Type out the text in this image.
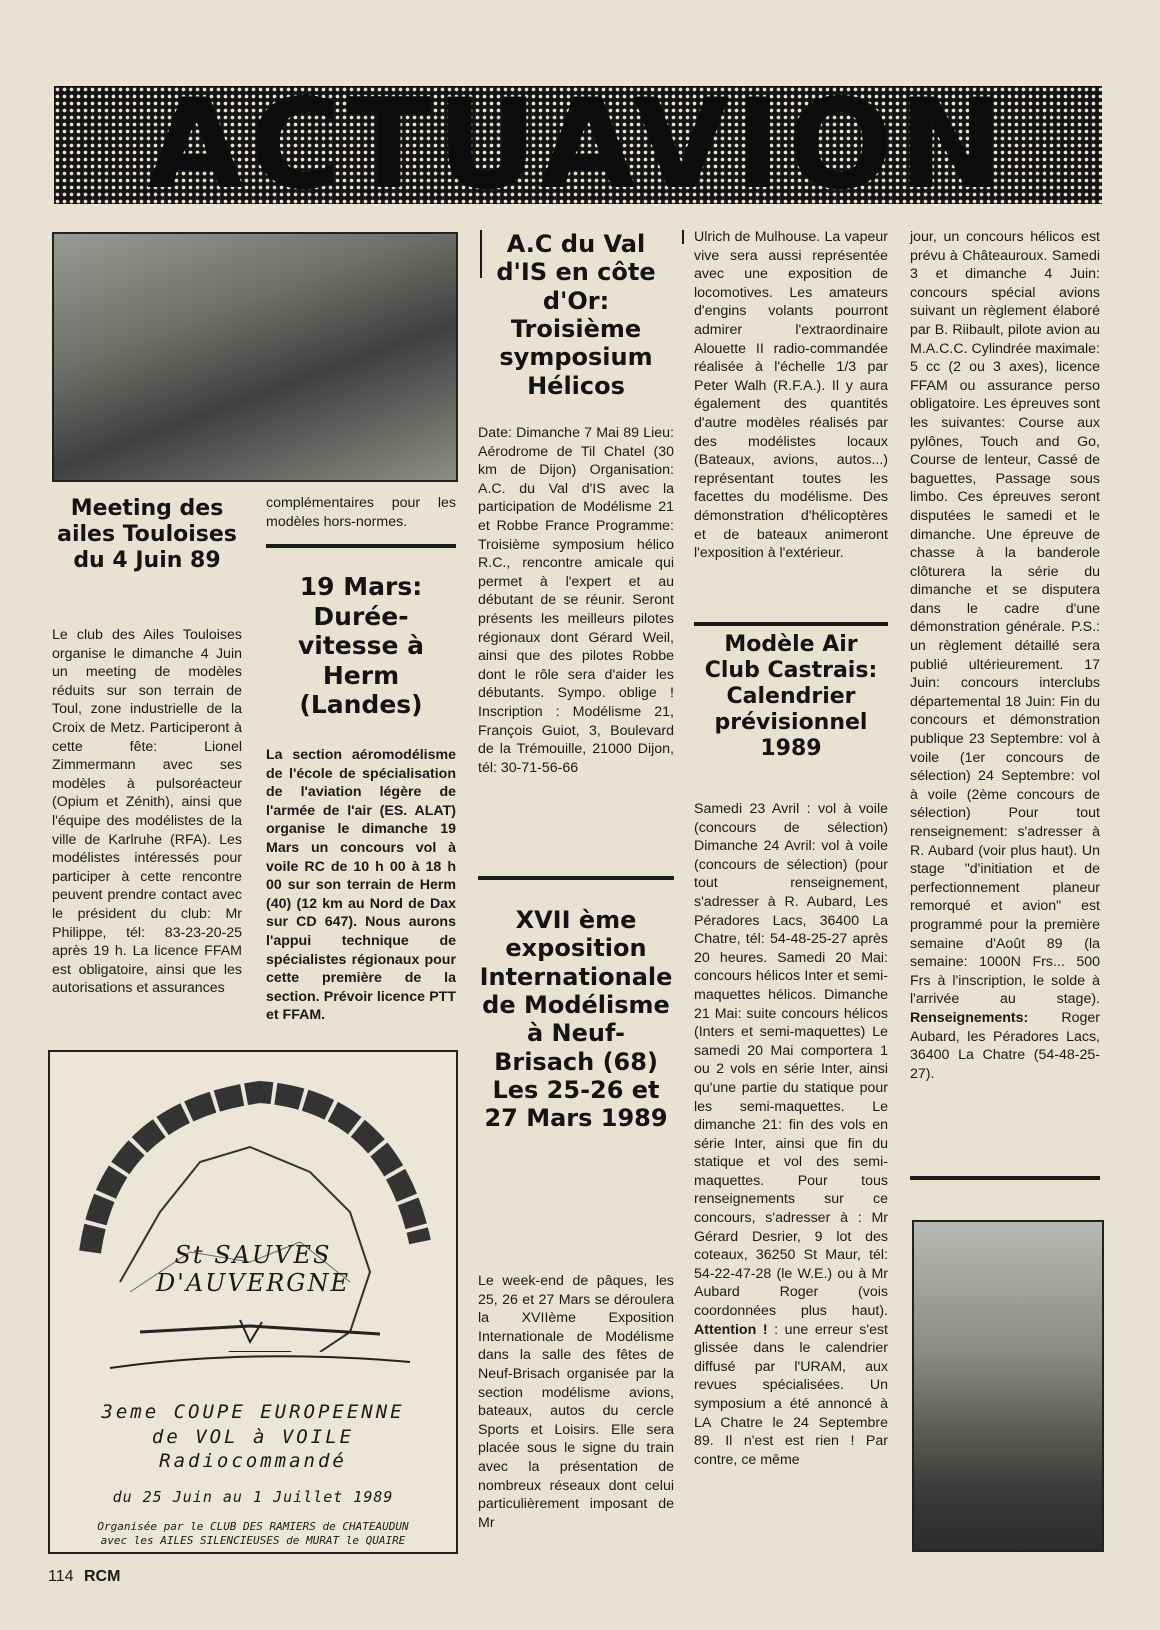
ACTUAVION
Meeting des ailes Touloises du 4 Juin 89
Le club des Ailes Touloises organise le dimanche 4 Juin un meeting de modèles réduits sur son terrain de Toul, zone industrielle de la Croix de Metz. Participeront à cette fête: Lionel Zimmermann avec ses modèles à pulsoréacteur (Opium et Zénith), ainsi que l'équipe des modélistes de la ville de Karlruhe (RFA). Les modélistes intéressés pour participer à cette rencontre peuvent prendre contact avec le président du club: Mr Philippe, tél: 83-23-20-25 après 19 h. La licence FFAM est obligatoire, ainsi que les autorisations et assurances
complémentaires pour les modèles hors-normes.
19 Mars: Durée-vitesse à Herm (Landes)
La section aéromodélisme de l'école de spécialisation de l'aviation légère de l'armée de l'air (ES. ALAT) organise le dimanche 19 Mars un concours vol à voile RC de 10 h 00 à 18 h 00 sur son terrain de Herm (40) (12 km au Nord de Dax sur CD 647). Nous aurons l'appui technique de spécialistes régionaux pour cette première de la section. Prévoir licence PTT et FFAM.
A.C du Val d'IS en côte d'Or: Troisième symposium Hélicos
Date: Dimanche 7 Mai 89 Lieu: Aérodrome de Til Chatel (30 km de Dijon) Organisation: A.C. du Val d'IS avec la participation de Modélisme 21 et Robbe France Programme: Troisième symposium hélico R.C., rencontre amicale qui permet à l'expert et au débutant de se réunir. Seront présents les meilleurs pilotes régionaux dont Gérard Weil, ainsi que des pilotes Robbe dont le rôle sera d'aider les débutants. Sympo. oblige ! Inscription : Modélisme 21, François Guiot, 3, Boulevard de la Trémouille, 21000 Dijon, tél: 30-71-56-66
XVII ème exposition Internationale de Modélisme à Neuf-Brisach (68) Les 25-26 et 27 Mars 1989
Le week-end de pâques, les 25, 26 et 27 Mars se déroulera la XVIIème Exposition Internationale de Modélisme dans la salle des fêtes de Neuf-Brisach organisée par la section modélisme avions, bateaux, autos du cercle Sports et Loisirs. Elle sera placée sous le signe du train avec la présentation de nombreux réseaux dont celui particulièrement imposant de Mr
Ulrich de Mulhouse. La vapeur vive sera aussi représentée avec une exposition de locomotives. Les amateurs d'engins volants pourront admirer l'extraordinaire Alouette II radio-commandée réalisée à l'échelle 1/3 par Peter Walh (R.F.A.). Il y aura également des quantités d'autre modèles réalisés par des modélistes locaux (Bateaux, avions, autos...) représentant toutes les facettes du modélisme. Des démonstration d'hélicoptères et de bateaux animeront l'exposition à l'extérieur.
Modèle Air Club Castrais: Calendrier prévisionnel 1989
Samedi 23 Avril : vol à voile (concours de sélection) Dimanche 24 Avril: vol à voile (concours de sélection) (pour tout renseignement, s'adresser à R. Aubard, Les Péradores Lacs, 36400 La Chatre, tél: 54-48-25-27 après 20 heures. Samedi 20 Mai: concours hélicos Inter et semi-maquettes hélicos. Dimanche 21 Mai: suite concours hélicos (Inters et semi-maquettes) Le samedi 20 Mai comportera 1 ou 2 vols en série Inter, ainsi qu'une partie du statique pour les semi-maquettes. Le dimanche 21: fin des vols en série Inter, ainsi que fin du statique et vol des semi-maquettes. Pour tous renseignements sur ce concours, s'adresser à : Mr Gérard Desrier, 9 lot des coteaux, 36250 St Maur, tél: 54-22-47-28 (le W.E.) ou à Mr Aubard Roger (vois coordonnées plus haut). Attention ! : une erreur s'est glissée dans le calendrier diffusé par l'URAM, aux revues spécialisées. Un symposium a été annoncé à LA Chatre le 24 Septembre 89. Il n'est est rien ! Par contre, ce même
jour, un concours hélicos est prévu à Châteauroux. Samedi 3 et dimanche 4 Juin: concours spécial avions suivant un règlement élaboré par B. Riibault, pilote avion au M.A.C.C. Cylindrée maximale: 5 cc (2 ou 3 axes), licence FFAM ou assurance perso obligatoire. Les épreuves sont les suivantes: Course aux pylônes, Touch and Go, Course de lenteur, Cassé de baguettes, Passage sous limbo. Ces épreuves seront disputées le samedi et le dimanche. Une épreuve de chasse à la banderole clôturera la série du dimanche et se disputera dans le cadre d'une démonstration générale. P.S.: un règlement détaillé sera publié ultérieurement. 17 Juin: concours interclubs départemental 18 Juin: Fin du concours et démonstration publique 23 Septembre: vol à voile (1er concours de sélection) 24 Septembre: vol à voile (2ème concours de sélection) Pour tout renseignement: s'adresser à R. Aubard (voir plus haut). Un stage "d'initiation et de perfectionnement planeur remorqué et avion" est programmé pour la première semaine d'Août 89 (la semaine: 1000N Frs... 500 Frs à l'inscription, le solde à l'arrivée au stage). Renseignements: Roger Aubard, les Péradores Lacs, 36400 La Chatre (54-48-25-27).
St SAUVES
D'AUVERGNE
3eme COUPE EUROPEENNE
de VOL à VOILE
Radiocommandé
du 25 Juin au 1 Juillet 1989
Organisée par le CLUB DES RAMIERS de CHATEAUDUN
avec les AILES SILENCIEUSES de MURAT le QUAIRE
114 RCM
